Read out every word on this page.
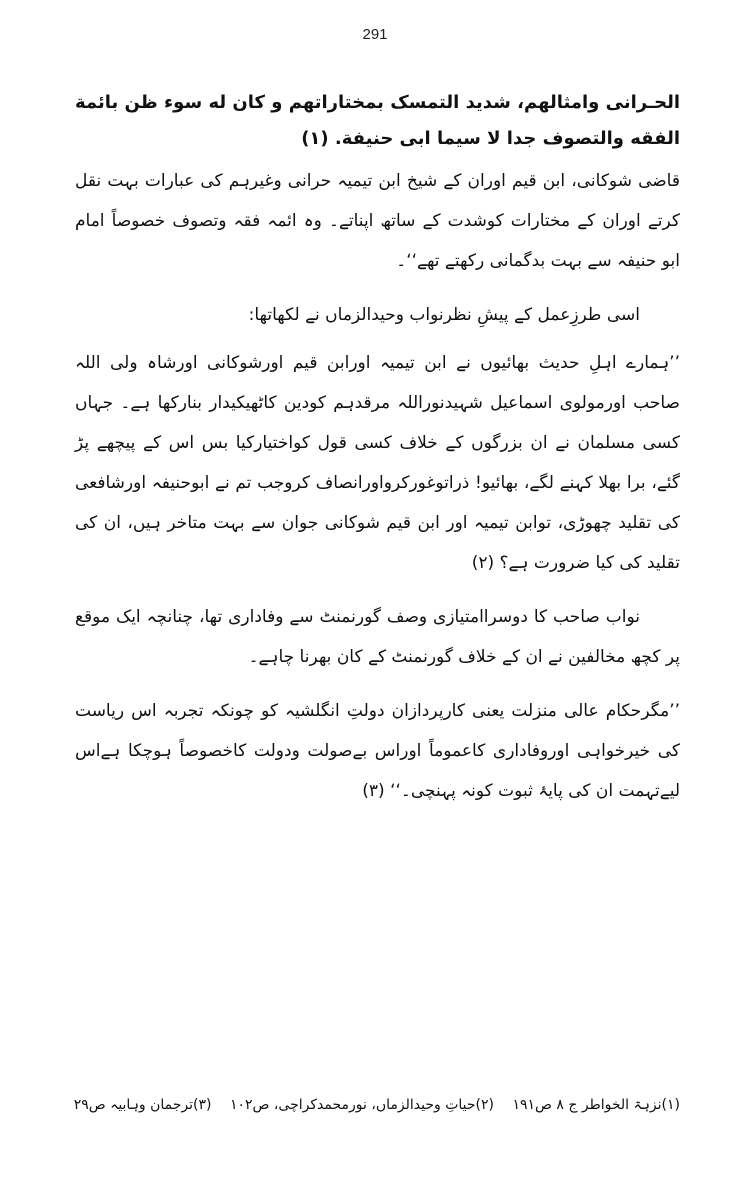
291

الحـرانی وامثالهم، شديد التمسک بمختاراتهم و کان له سوء ظن بائمة الفقه والتصوف جدا لا سيما ابی حنيفة. (۱)

قاضی شوکانی، ابن قیم اوران کے شیخ ابن تیمیہ حرانی وغیرہم کی عبارات بہت نقل کرتے اوران کے مختارات کوشدت کے ساتھ اپناتے۔ وہ ائمہ فقہ وتصوف خصوصاً امام ابو حنیفہ سے بہت بدگمانی رکھتے تھے‘‘۔

اسی طرزِعمل کے پیشِ نظرنواب وحیدالزماں نے لکھاتھا:

’’ہمارے اہلِ حدیث بھائیوں نے ابن تیمیہ اورابن قیم اورشوکانی اورشاہ ولی اللہ صاحب اورمولوی اسماعیل شہیدنوراللہ مرقدہم کودین کاٹھیکیدار بنارکھا ہے۔ جہاں کسی مسلمان نے ان بزرگوں کے خلاف کسی قول کواختیارکیا بس اس کے پیچھے پڑ گئے، برا بھلا کہنے لگے، بھائیو! ذراتوغورکرواورانصاف کروجب تم نے ابوحنیفہ اورشافعی کی تقلید چھوڑی، توابن تیمیہ اور ابن قیم شوکانی جوان سے بہت متاخر ہیں، ان کی تقلید کی کیا ضرورت ہے؟ (۲)

نواب صاحب کا دوسراامتیازی وصف گورنمنٹ سے وفاداری تھا، چنانچہ ایک موقع پر کچھ مخالفین نے ان کے خلاف گورنمنٹ کے کان بھرنا چاہے۔

’’مگرحکام عالی منزلت یعنی کارپردازان دولتِ انگلشیہ کو چونکہ تجربہ اس ریاست کی خیرخواہی اوروفاداری کاعموماً اوراس بےصولت ودولت کاخصوصاً ہوچکا ہےاس لیےتہمت ان کی پایۂ ثبوت کونہ پہنچی۔‘‘ (۳)

(۱)نزہۃ الخواطر ج ۸ ص۱۹۱ (۲)حیاتِ وحیدالزماں، نورمحمدکراچی، ص۱۰۲ (۳)ترجمان وہابیہ ص۲۹
